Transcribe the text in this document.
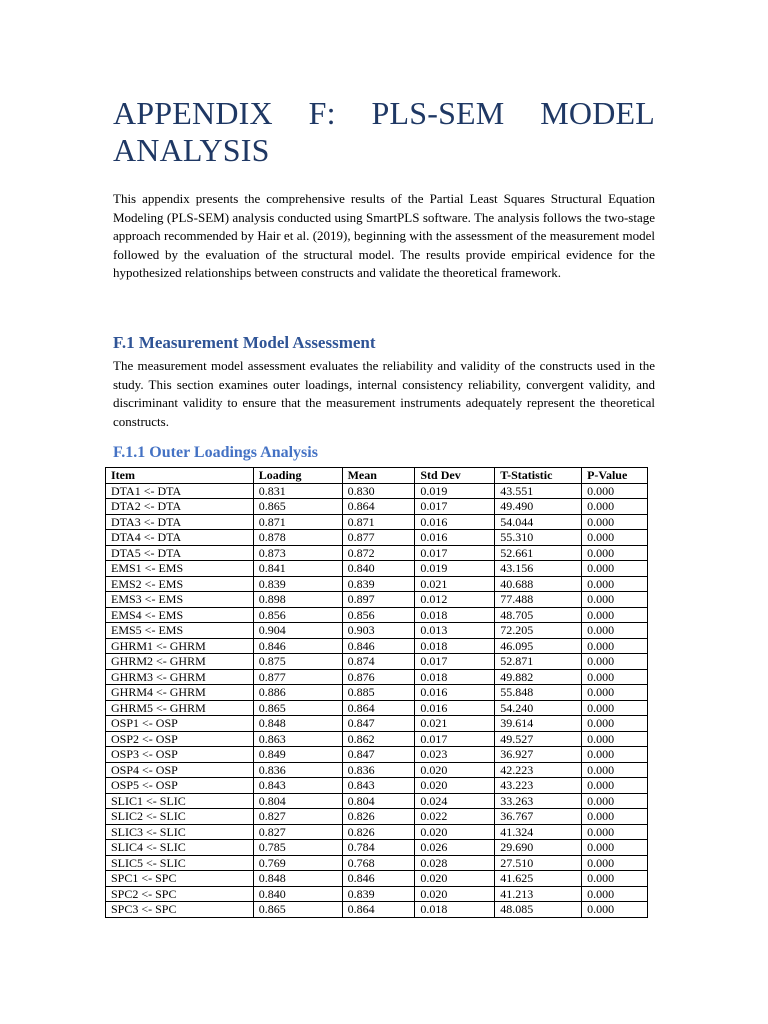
APPENDIX F: PLS-SEM MODEL
ANALYSIS

This appendix presents the comprehensive results of the Partial Least Squares Structural Equation Modeling (PLS-SEM) analysis conducted using SmartPLS software. The analysis follows the two-stage approach recommended by Hair et al. (2019), beginning with the assessment of the measurement model followed by the evaluation of the structural model. The results provide empirical evidence for the hypothesized relationships between constructs and validate the theoretical framework.

F.1 Measurement Model Assessment

The measurement model assessment evaluates the reliability and validity of the constructs used in the study. This section examines outer loadings, internal consistency reliability, convergent validity, and discriminant validity to ensure that the measurement instruments adequately represent the theoretical constructs.

F.1.1 Outer Loadings Analysis
Item	Loading	Mean	Std Dev	T-Statistic	P-Value
DTA1 <- DTA	0.831	0.830	0.019	43.551	0.000
DTA2 <- DTA	0.865	0.864	0.017	49.490	0.000
DTA3 <- DTA	0.871	0.871	0.016	54.044	0.000
DTA4 <- DTA	0.878	0.877	0.016	55.310	0.000
DTA5 <- DTA	0.873	0.872	0.017	52.661	0.000
EMS1 <- EMS	0.841	0.840	0.019	43.156	0.000
EMS2 <- EMS	0.839	0.839	0.021	40.688	0.000
EMS3 <- EMS	0.898	0.897	0.012	77.488	0.000
EMS4 <- EMS	0.856	0.856	0.018	48.705	0.000
EMS5 <- EMS	0.904	0.903	0.013	72.205	0.000
GHRM1 <- GHRM	0.846	0.846	0.018	46.095	0.000
GHRM2 <- GHRM	0.875	0.874	0.017	52.871	0.000
GHRM3 <- GHRM	0.877	0.876	0.018	49.882	0.000
GHRM4 <- GHRM	0.886	0.885	0.016	55.848	0.000
GHRM5 <- GHRM	0.865	0.864	0.016	54.240	0.000
OSP1 <- OSP	0.848	0.847	0.021	39.614	0.000
OSP2 <- OSP	0.863	0.862	0.017	49.527	0.000
OSP3 <- OSP	0.849	0.847	0.023	36.927	0.000
OSP4 <- OSP	0.836	0.836	0.020	42.223	0.000
OSP5 <- OSP	0.843	0.843	0.020	43.223	0.000
SLIC1 <- SLIC	0.804	0.804	0.024	33.263	0.000
SLIC2 <- SLIC	0.827	0.826	0.022	36.767	0.000
SLIC3 <- SLIC	0.827	0.826	0.020	41.324	0.000
SLIC4 <- SLIC	0.785	0.784	0.026	29.690	0.000
SLIC5 <- SLIC	0.769	0.768	0.028	27.510	0.000
SPC1 <- SPC	0.848	0.846	0.020	41.625	0.000
SPC2 <- SPC	0.840	0.839	0.020	41.213	0.000
SPC3 <- SPC	0.865	0.864	0.018	48.085	0.000
